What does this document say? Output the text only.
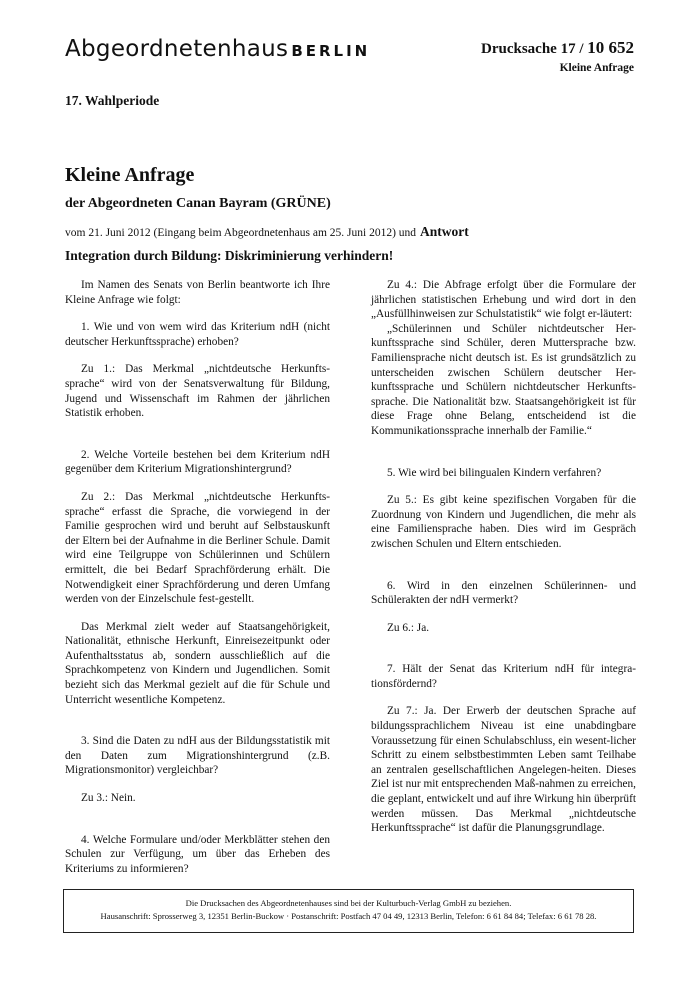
Abgeordnetenhaus BERLIN	Drucksache 17 / 10 652
Kleine Anfrage
17. Wahlperiode
Kleine Anfrage
der Abgeordneten Canan Bayram (GRÜNE)
vom 21. Juni 2012 (Eingang beim Abgeordnetenhaus am 25. Juni 2012) und Antwort
Integration durch Bildung: Diskriminierung verhindern!

Im Namen des Senats von Berlin beantworte ich Ihre Kleine Anfrage wie folgt:

1. Wie und von wem wird das Kriterium ndH (nicht deutscher Herkunftssprache) erhoben?

Zu 1.: Das Merkmal „nichtdeutsche Herkunfts-sprache“ wird von der Senatsverwaltung für Bildung, Jugend und Wissenschaft im Rahmen der jährlichen Statistik erhoben.

2. Welche Vorteile bestehen bei dem Kriterium ndH gegenüber dem Kriterium Migrationshintergrund?

Zu 2.: Das Merkmal „nichtdeutsche Herkunfts-sprache“ erfasst die Sprache, die vorwiegend in der Familie gesprochen wird und beruht auf Selbstauskunft der Eltern bei der Aufnahme in die Berliner Schule. Damit wird eine Teilgruppe von Schülerinnen und Schülern ermittelt, die bei Bedarf Sprachförderung erhält. Die Notwendigkeit einer Sprachförderung und deren Umfang werden von der Einzelschule fest-gestellt.

Das Merkmal zielt weder auf Staatsangehörigkeit, Nationalität, ethnische Herkunft, Einreisezeitpunkt oder Aufenthaltsstatus ab, sondern ausschließlich auf die Sprachkompetenz von Kindern und Jugendlichen. Somit bezieht sich das Merkmal gezielt auf die für Schule und Unterricht wesentliche Kompetenz.

3. Sind die Daten zu ndH aus der Bildungsstatistik mit den Daten zum Migrationshintergrund (z.B. Migrationsmonitor) vergleichbar?

Zu 3.: Nein.

4. Welche Formulare und/oder Merkblätter stehen den Schulen zur Verfügung, um über das Erheben des Kriteriums zu informieren?

Zu 4.: Die Abfrage erfolgt über die Formulare der jährlichen statistischen Erhebung und wird dort in den „Ausfüllhinweisen zur Schulstatistik“ wie folgt er-läutert:

„Schülerinnen und Schüler nichtdeutscher Her-kunftssprache sind Schüler, deren Muttersprache bzw. Familiensprache nicht deutsch ist. Es ist grundsätzlich zu unterscheiden zwischen Schülern deutscher Her-kunftssprache und Schülern nichtdeutscher Herkunfts-sprache. Die Nationalität bzw. Staatsangehörigkeit ist für diese Frage ohne Belang, entscheidend ist die Kommunikationssprache innerhalb der Familie.“

5. Wie wird bei bilingualen Kindern verfahren?

Zu 5.: Es gibt keine spezifischen Vorgaben für die Zuordnung von Kindern und Jugendlichen, die mehr als eine Familiensprache haben. Dies wird im Gespräch zwischen Schulen und Eltern entschieden.

6. Wird in den einzelnen Schülerinnen- und Schülerakten der ndH vermerkt?

Zu 6.: Ja.

7. Hält der Senat das Kriterium ndH für integra-tionsfördernd?

Zu 7.: Ja. Der Erwerb der deutschen Sprache auf bildungssprachlichem Niveau ist eine unabdingbare Voraussetzung für einen Schulabschluss, ein wesent-licher Schritt zu einem selbstbestimmten Leben samt Teilhabe an zentralen gesellschaftlichen Angelegen-heiten. Dieses Ziel ist nur mit entsprechenden Maß-nahmen zu erreichen, die geplant, entwickelt und auf ihre Wirkung hin überprüft werden müssen. Das Merkmal „nichtdeutsche Herkunftssprache“ ist dafür die Planungsgrundlage.

Die Drucksachen des Abgeordnetenhauses sind bei der Kulturbuch-Verlag GmbH zu beziehen.
Hausanschrift: Sprosserweg 3, 12351 Berlin-Buckow · Postanschrift: Postfach 47 04 49, 12313 Berlin, Telefon: 6 61 84 84; Telefax: 6 61 78 28.
